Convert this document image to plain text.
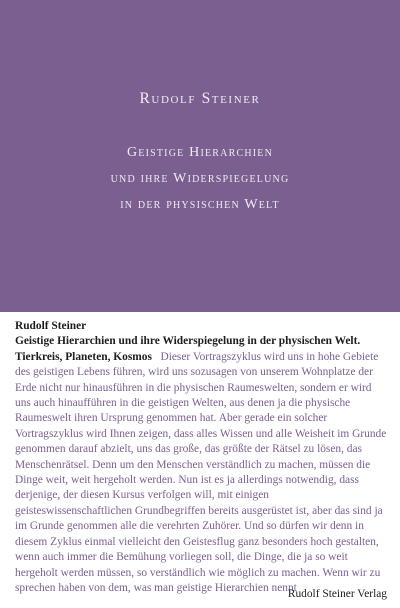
Rudolf Steiner
Geistige Hierarchien
und ihre Widerspiegelung
in der physischen Welt
Rudolf Steiner
Geistige Hierarchien und ihre Widerspiegelung in der physischen Welt. Tierkreis, Planeten, Kosmos Dieser Vortragszyklus wird uns in hohe Gebiete des geistigen Lebens führen, wird uns sozusagen von unserem Wohnplatze der Erde nicht nur hinausführen in die physischen Raumeswelten, sondern er wird uns auch hinaufführen in die geistigen Welten, aus denen ja die physische Raumeswelt ihren Ursprung genommen hat. Aber gerade ein solcher Vortragszyklus wird Ihnen zeigen, dass alles Wissen und alle Weisheit im Grunde genommen darauf abzielt, uns das große, das größte der Rätsel zu lösen, das Menschenrätsel. Denn um den Menschen verständlich zu machen, müssen die Dinge weit, weit hergeholt werden. Nun ist es ja allerdings notwendig, dass derjenige, der diesen Kursus verfolgen will, mit einigen geisteswissenschaftlichen Grundbegriffen bereits ausgerüstet ist, aber das sind ja im Grunde genommen alle die verehrten Zuhörer. Und so dürfen wir denn in diesem Zyklus einmal vielleicht den Geistesflug ganz besonders hoch gestalten, wenn auch immer die Bemühung vorliegen soll, die Dinge, die ja so weit hergeholt werden müssen, so verständlich wie möglich zu machen. Wenn wir zu sprechen haben von dem, was man geistige Hierarchien nennt
Rudolf Steiner Verlag
